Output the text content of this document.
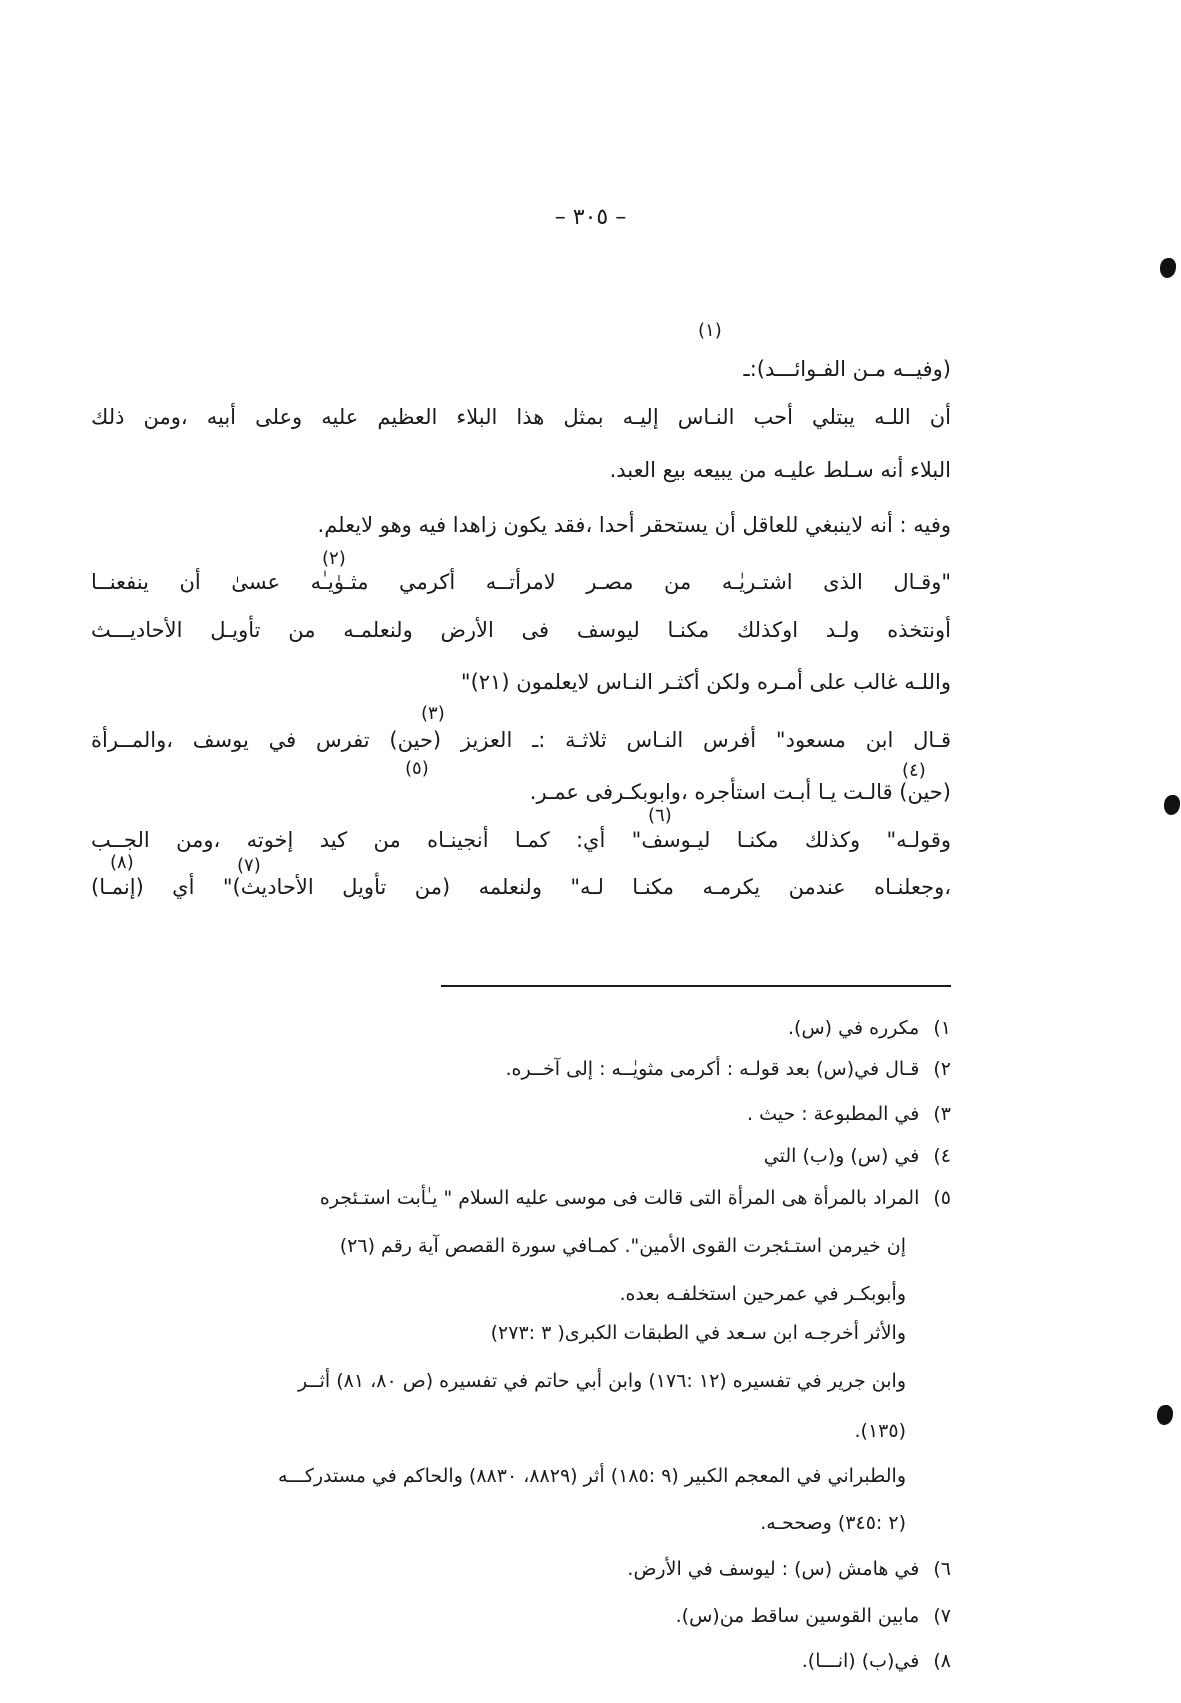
– ٣٠٥ –
(١)
(وفيــه مـن الفـوائـــد):ـ
أن اللـه يبتلي أحب النـاس إليـه بمثل هذا البلاء العظيم عليه وعلى أبيه ،ومن ذلك
البلاء أنه سـلط عليـه من يبيعه بيع العبد.
وفيه : أنه لاينبغي للعاقل أن يستحقر أحدا ،فقد يكون زاهدا فيه وهو لايعلم.
(٢)
"وقـال الذى اشتـريٰـه من مصـر لامرأتــه أكرمي مثـوٰيـٰه عسىٰ أن ينفعنــا
أونتخذه ولـد اوكذلك مكنـا ليوسف فى الأرض ولنعلمـه من تأويـل الأحاديـــث
واللـه غالب على أمـره ولكن أكثـر النـاس لايعلمون (٢١)"
(٣)
قـال ابن مسعود" أفرس النـاس ثلاثـة :ـ العزيز (حين) تفرس في يوسف ،والمــرأة
(٤)
(٥)
(حين) قالـت يـا أبـت استأجره ،وابوبكـرفى عمـر.
(٦)
وقولـه" وكذلك مكنـا ليـوسف" أي: كمـا أنجينـاه من كيد إخوته ،ومن الجــب
(٧)
(٨)
،وجعلنـاه عندمن يكرمـه مكنـا لـه" ولنعلمه (من تأويل الأحاديث)" أي (إنمـا)
١)مكرره في (س).
٢)قـال في(س) بعد قولـه : أكرمى مثويٰــه : إلى آخــره.
٣)في المطبوعة : حيث .
٤)في (س) و(ب) التي
٥)المراد بالمرأة هى المرأة التى قالت فى موسى عليه السلام " يـٰأبت استـئجره
إن خيرمن استـئجرت القوى الأمين". كمـافي سورة القصص آية رقم (٢٦)
وأبوبكـر في عمرحين استخلفـه بعده.
والأثر أخرجـه ابن سـعد في الطبقات الكبرى( ٣ :٢٧٣)
وابن جرير في تفسيره (١٢ :١٧٦) وابن أبي حاتم في تفسيره (ص ٨٠، ٨١) أثــر
(١٣٥).
والطبراني في المعجم الكبير (٩ :١٨٥) أثر (٨٨٢٩، ٨٨٣٠) والحاكم في مستدركـــه
(٢ :٣٤٥) وصححـه.
٦)في هامش (س) : ليوسف في الأرض.
٧)مابين القوسين ساقط من(س).
٨)في(ب) (انـــا).
